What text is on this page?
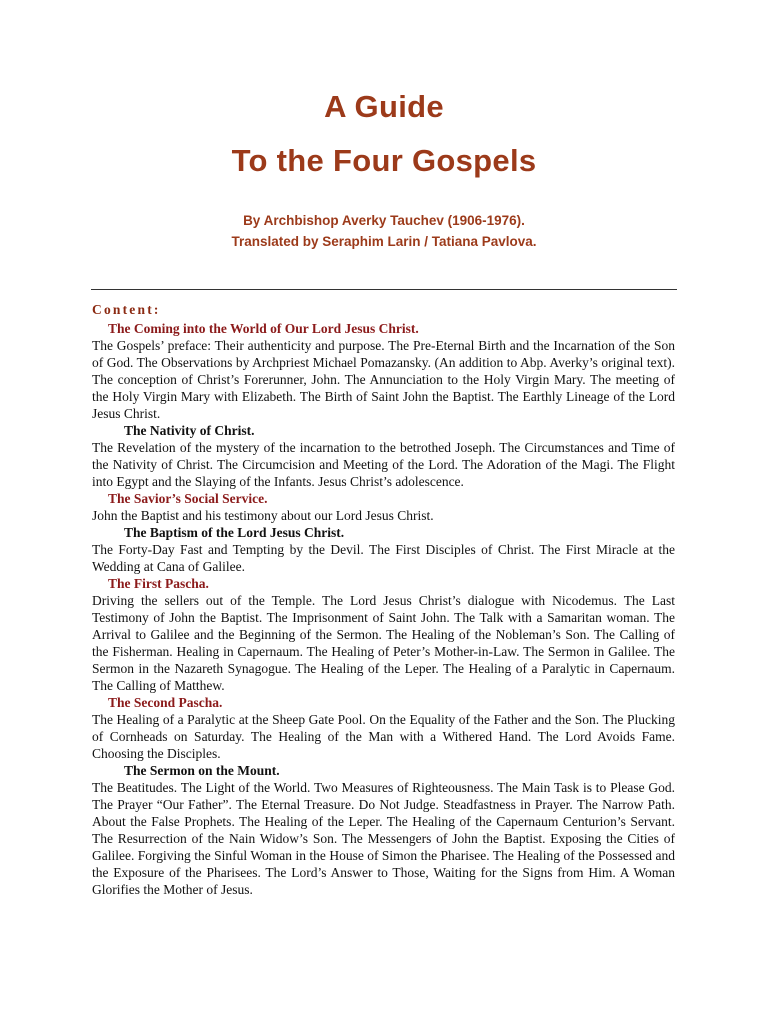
A Guide
To the Four Gospels
By Archbishop Averky Tauchev (1906-1976).
Translated by Seraphim Larin / Tatiana Pavlova.
Content:
The Coming into the World of Our Lord Jesus Christ.
The Gospels’ preface: Their authenticity and purpose. The Pre-Eternal Birth and the Incarnation of the Son of God. The Observations by Archpriest Michael Pomazansky. (An addition to Abp. Averky’s original text). The conception of Christ’s Forerunner, John. The Annunciation to the Holy Virgin Mary. The meeting of the Holy Virgin Mary with Elizabeth. The Birth of Saint John the Baptist. The Earthly Lineage of the Lord Jesus Christ.
The Nativity of Christ.
The Revelation of the mystery of the incarnation to the betrothed Joseph. The Circumstances and Time of the Nativity of Christ. The Circumcision and Meeting of the Lord. The Adoration of the Magi. The Flight into Egypt and the Slaying of the Infants. Jesus Christ’s adolescence.
The Savior’s Social Service.
John the Baptist and his testimony about our Lord Jesus Christ.
The Baptism of the Lord Jesus Christ.
The Forty-Day Fast and Tempting by the Devil. The First Disciples of Christ. The First Miracle at the Wedding at Cana of Galilee.
The First Pascha.
Driving the sellers out of the Temple. The Lord Jesus Christ’s dialogue with Nicodemus. The Last Testimony of John the Baptist. The Imprisonment of Saint John. The Talk with a Samaritan woman. The Arrival to Galilee and the Beginning of the Sermon. The Healing of the Nobleman’s Son. The Calling of the Fisherman. Healing in Capernaum. The Healing of Peter’s Mother-in-Law. The Sermon in Galilee. The Sermon in the Nazareth Synagogue. The Healing of the Leper. The Healing of a Paralytic in Capernaum. The Calling of Matthew.
The Second Pascha.
The Healing of a Paralytic at the Sheep Gate Pool. On the Equality of the Father and the Son. The Plucking of Cornheads on Saturday. The Healing of the Man with a Withered Hand. The Lord Avoids Fame. Choosing the Disciples.
The Sermon on the Mount.
The Beatitudes. The Light of the World. Two Measures of Righteousness. The Main Task is to Please God. The Prayer “Our Father”. The Eternal Treasure. Do Not Judge. Steadfastness in Prayer. The Narrow Path. About the False Prophets. The Healing of the Leper. The Healing of the Capernaum Centurion’s Servant. The Resurrection of the Nain Widow’s Son. The Messengers of John the Baptist. Exposing the Cities of Galilee. Forgiving the Sinful Woman in the House of Simon the Pharisee. The Healing of the Possessed and the Exposure of the Pharisees. The Lord’s Answer to Those, Waiting for the Signs from Him. A Woman Glorifies the Mother of Jesus.
